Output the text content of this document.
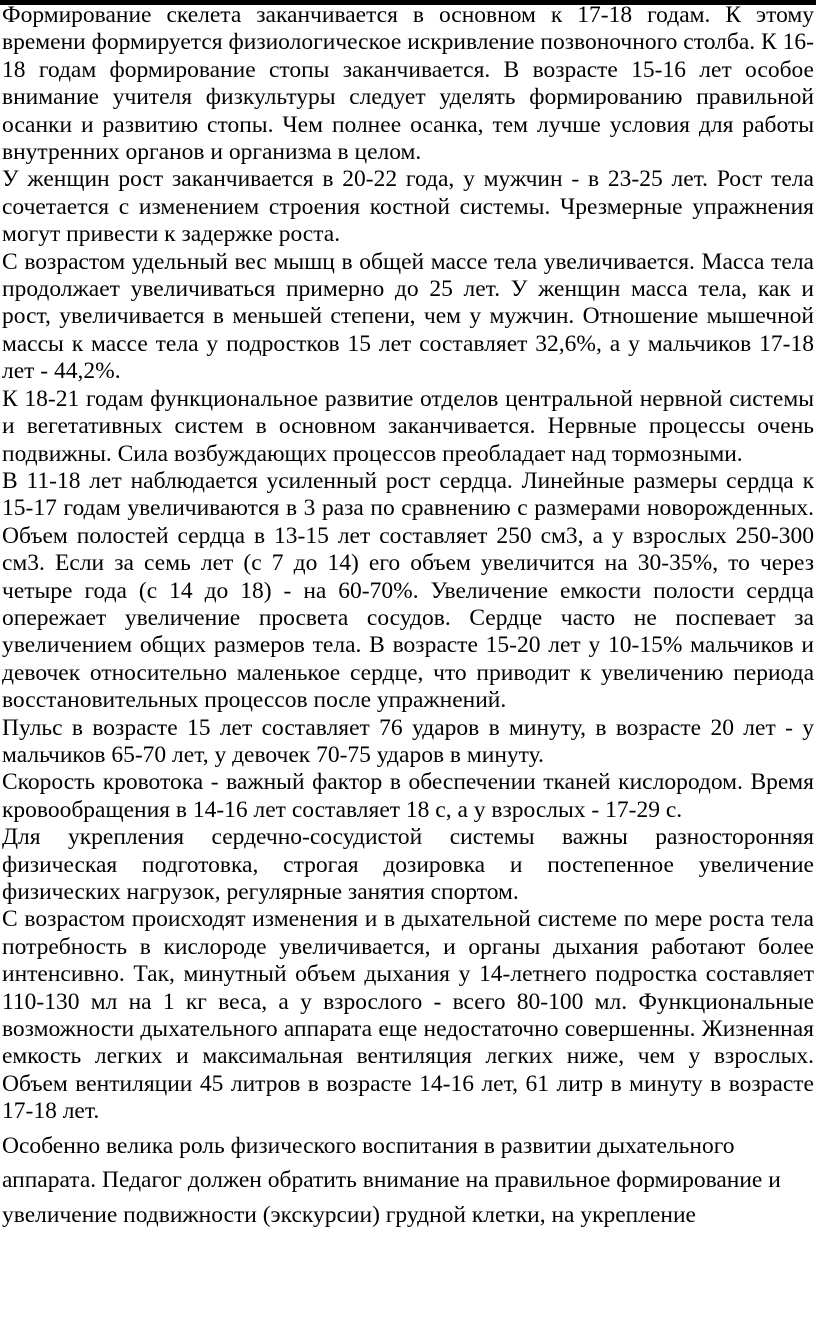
Формирование скелета заканчивается в основном к 17-18 годам. К этому времени формируется физиологическое искривление позвоночного столба. К 16-18 годам формирование стопы заканчивается. В возрасте 15-16 лет особое внимание учителя физкультуры следует уделять формированию правильной осанки и развитию стопы. Чем полнее осанка, тем лучше условия для работы внутренних органов и организма в целом.

У женщин рост заканчивается в 20-22 года, у мужчин - в 23-25 лет. Рост тела сочетается с изменением строения костной системы. Чрезмерные упражнения могут привести к задержке роста.

С возрастом удельный вес мышц в общей массе тела увеличивается. Масса тела продолжает увеличиваться примерно до 25 лет. У женщин масса тела, как и рост, увеличивается в меньшей степени, чем у мужчин. Отношение мышечной массы к массе тела у подростков 15 лет составляет 32,6%, а у мальчиков 17-18 лет - 44,2%.

К 18-21 годам функциональное развитие отделов центральной нервной системы и вегетативных систем в основном заканчивается. Нервные процессы очень подвижны. Сила возбуждающих процессов преобладает над тормозными.

В 11-18 лет наблюдается усиленный рост сердца. Линейные размеры сердца к 15-17 годам увеличиваются в 3 раза по сравнению с размерами новорожденных. Объем полостей сердца в 13-15 лет составляет 250 см3, а у взрослых 250-300 см3. Если за семь лет (с 7 до 14) его объем увеличится на 30-35%, то через четыре года (с 14 до 18) - на 60-70%. Увеличение емкости полости сердца опережает увеличение просвета сосудов. Сердце часто не поспевает за увеличением общих размеров тела. В возрасте 15-20 лет у 10-15% мальчиков и девочек относительно маленькое сердце, что приводит к увеличению периода восстановительных процессов после упражнений.

Пульс в возрасте 15 лет составляет 76 ударов в минуту, в возрасте 20 лет - у мальчиков 65-70 лет, у девочек 70-75 ударов в минуту.

Скорость кровотока - важный фактор в обеспечении тканей кислородом. Время кровообращения в 14-16 лет составляет 18 с, а у взрослых - 17-29 с.

Для укрепления сердечно-сосудистой системы важны разносторонняя физическая подготовка, строгая дозировка и постепенное увеличение физических нагрузок, регулярные занятия спортом.

С возрастом происходят изменения и в дыхательной системе по мере роста тела потребность в кислороде увеличивается, и органы дыхания работают более интенсивно. Так, минутный объем дыхания у 14-летнего подростка составляет 110-130 мл на 1 кг веса, а у взрослого - всего 80-100 мл. Функциональные возможности дыхательного аппарата еще недостаточно совершенны. Жизненная емкость легких и максимальная вентиляция легких ниже, чем у взрослых. Объем вентиляции 45 литров в возрасте 14-16 лет, 61 литр в минуту в возрасте 17-18 лет.

Особенно велика роль физического воспитания в развитии дыхательного аппарата. Педагог должен обратить внимание на правильное формирование и увеличение подвижности (экскурсии) грудной клетки, на укрепление
